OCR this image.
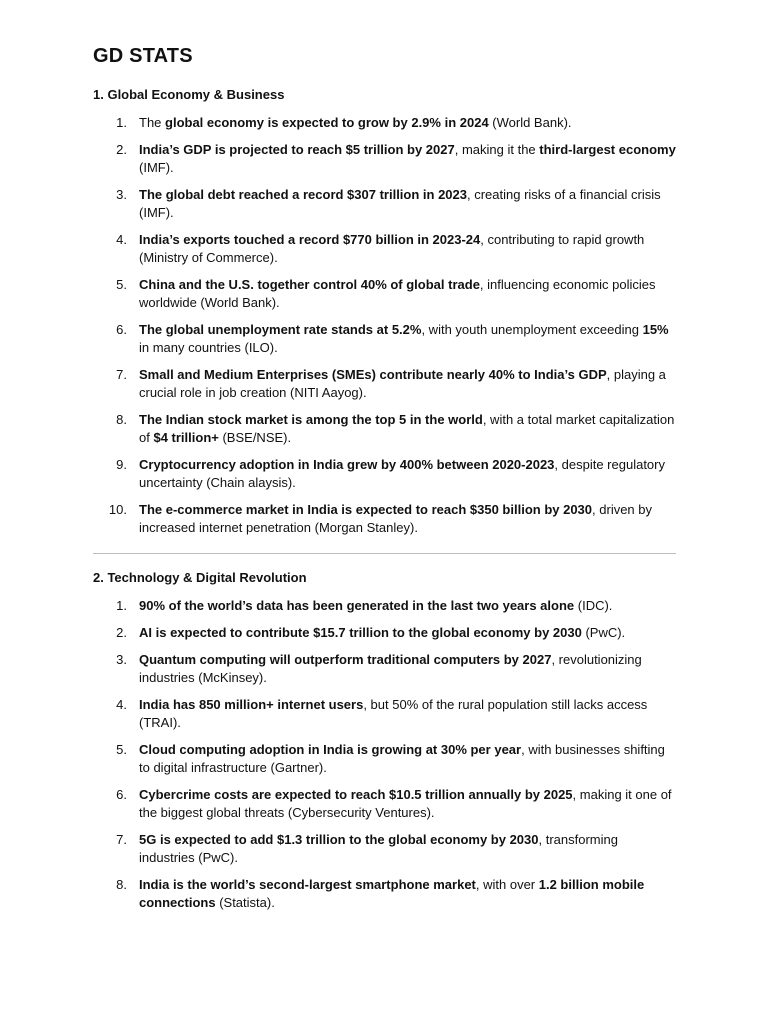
GD STATS
1. Global Economy & Business
1. The global economy is expected to grow by 2.9% in 2024 (World Bank).
2. India’s GDP is projected to reach $5 trillion by 2027, making it the third-largest economy (IMF).
3. The global debt reached a record $307 trillion in 2023, creating risks of a financial crisis (IMF).
4. India’s exports touched a record $770 billion in 2023-24, contributing to rapid growth (Ministry of Commerce).
5. China and the U.S. together control 40% of global trade, influencing economic policies worldwide (World Bank).
6. The global unemployment rate stands at 5.2%, with youth unemployment exceeding 15% in many countries (ILO).
7. Small and Medium Enterprises (SMEs) contribute nearly 40% to India’s GDP, playing a crucial role in job creation (NITI Aayog).
8. The Indian stock market is among the top 5 in the world, with a total market capitalization of $4 trillion+ (BSE/NSE).
9. Cryptocurrency adoption in India grew by 400% between 2020-2023, despite regulatory uncertainty (Chain alaysis).
10. The e-commerce market in India is expected to reach $350 billion by 2030, driven by increased internet penetration (Morgan Stanley).
2. Technology & Digital Revolution
1. 90% of the world’s data has been generated in the last two years alone (IDC).
2. AI is expected to contribute $15.7 trillion to the global economy by 2030 (PwC).
3. Quantum computing will outperform traditional computers by 2027, revolutionizing industries (McKinsey).
4. India has 850 million+ internet users, but 50% of the rural population still lacks access (TRAI).
5. Cloud computing adoption in India is growing at 30% per year, with businesses shifting to digital infrastructure (Gartner).
6. Cybercrime costs are expected to reach $10.5 trillion annually by 2025, making it one of the biggest global threats (Cybersecurity Ventures).
7. 5G is expected to add $1.3 trillion to the global economy by 2030, transforming industries (PwC).
8. India is the world’s second-largest smartphone market, with over 1.2 billion mobile connections (Statista).
